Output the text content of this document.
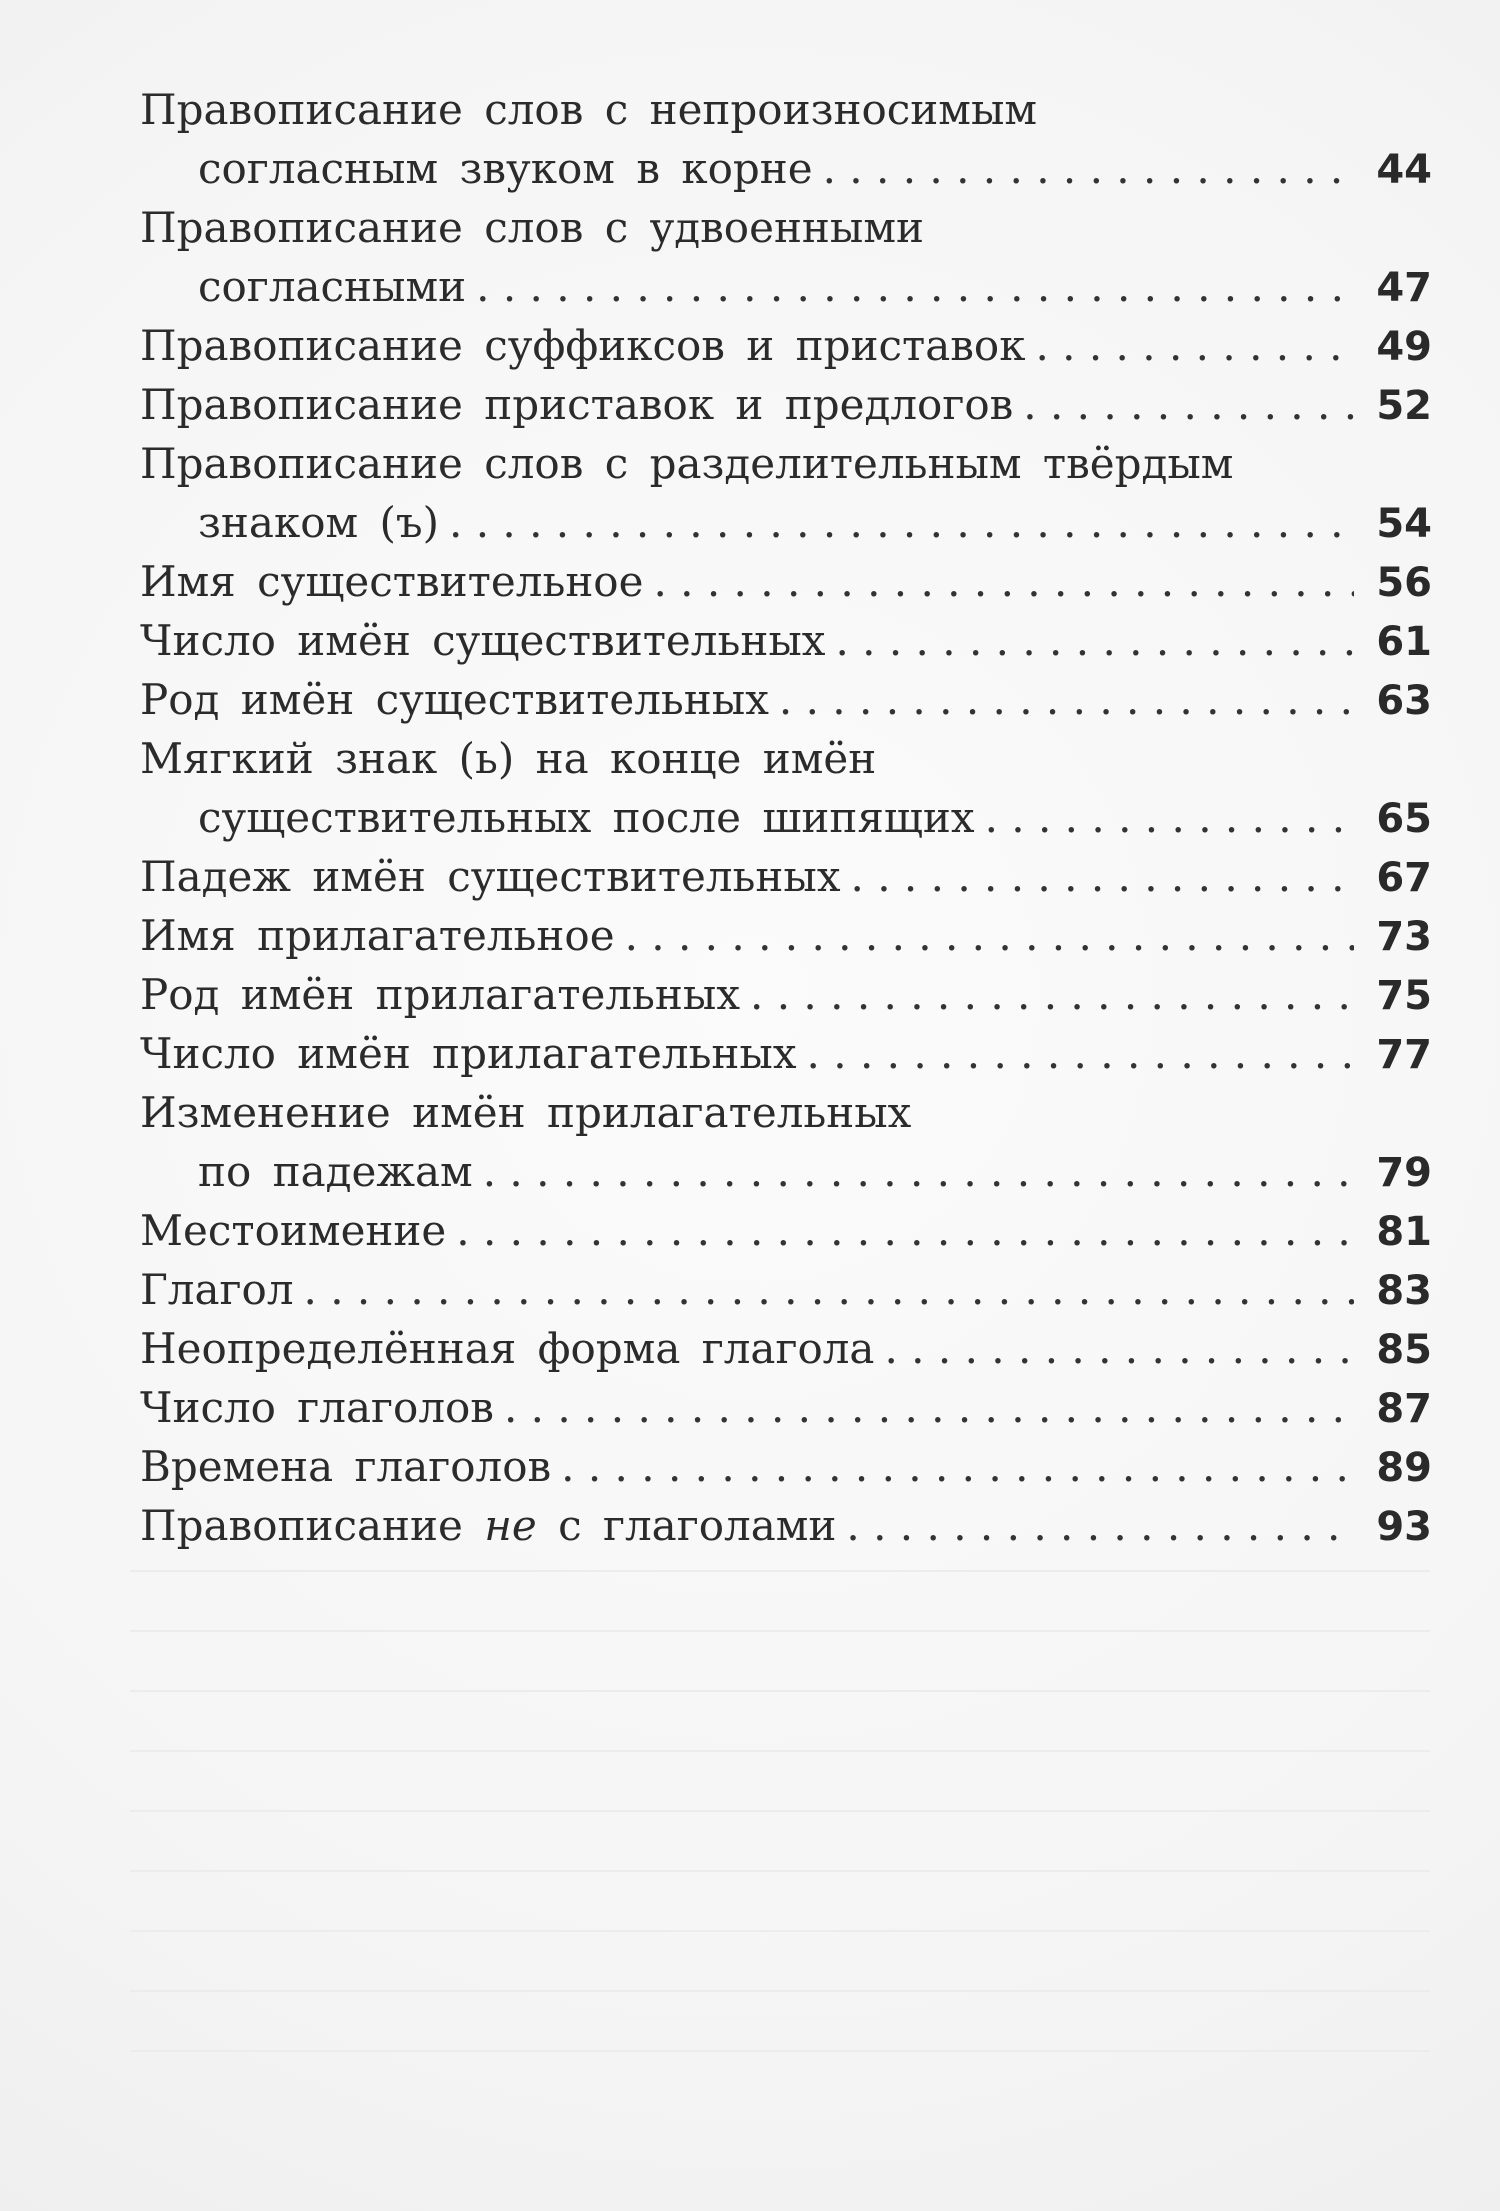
Правописание слов с непроизносимым
согласным звуком в корне . . .	44
Правописание слов с удвоенными
согласными . . .	47
Правописание суффиксов и приставок . . .	49
Правописание приставок и предлогов . . .	52
Правописание слов с разделительным твёрдым
знаком (ъ) . . .	54
Имя существительное . . .	56
Число имён существительных . . .	61
Род имён существительных . . .	63
Мягкий знак (ь) на конце имён
существительных после шипящих . . .	65
Падеж имён существительных . . .	67
Имя прилагательное . . .	73
Род имён прилагательных . . .	75
Число имён прилагательных . . .	77
Изменение имён прилагательных
по падежам . . .	79
Местоимение . . .	81
Глагол . . .	83
Неопределённая форма глагола . . .	85
Число глаголов . . .	87
Времена глаголов . . .	89
Правописание не с глаголами . . .	93
